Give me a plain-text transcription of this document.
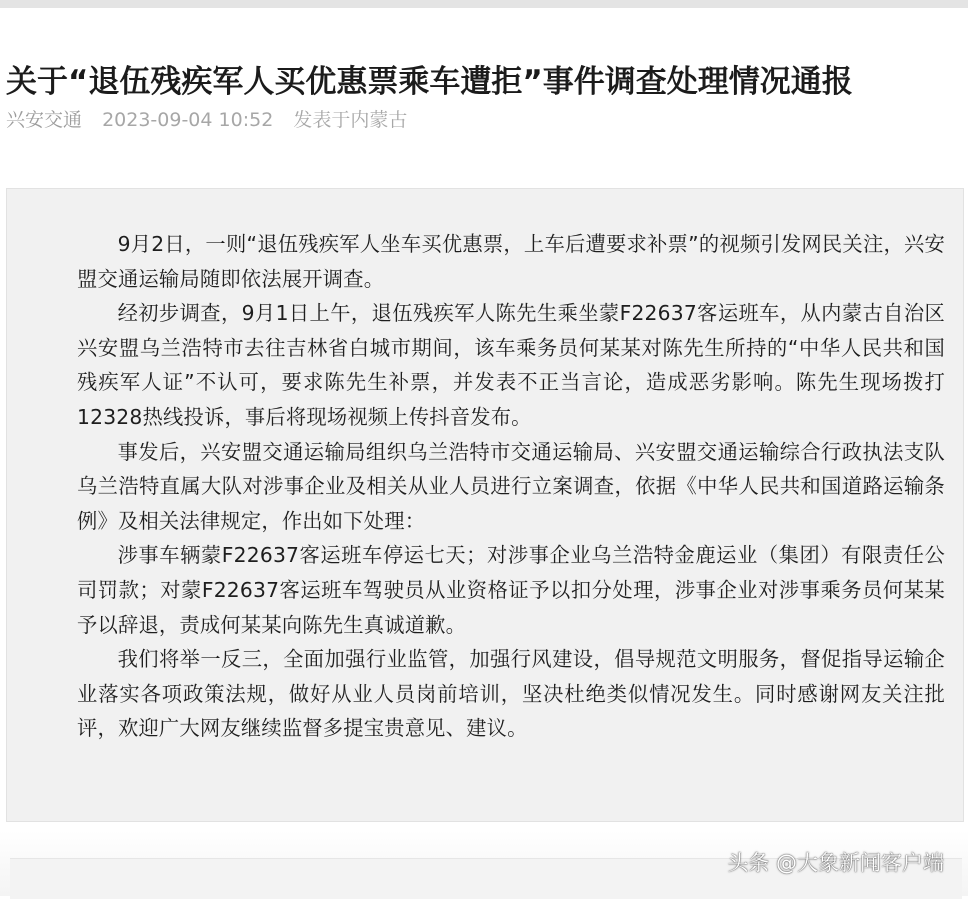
关于“退伍残疾军人买优惠票乘车遭拒”事件调查处理情况通报
兴安交通 2023-09-04 10:52 发表于内蒙古

9月2日，一则“退伍残疾军人坐车买优惠票，上车后遭要求补票”的视频引发网民关注，兴安盟交通运输局随即依法展开调查。

经初步调查，9月1日上午，退伍残疾军人陈先生乘坐蒙F22637客运班车，从内蒙古自治区兴安盟乌兰浩特市去往吉林省白城市期间，该车乘务员何某某对陈先生所持的“中华人民共和国残疾军人证”不认可，要求陈先生补票，并发表不正当言论，造成恶劣影响。陈先生现场拨打12328热线投诉，事后将现场视频上传抖音发布。

事发后，兴安盟交通运输局组织乌兰浩特市交通运输局、兴安盟交通运输综合行政执法支队乌兰浩特直属大队对涉事企业及相关从业人员进行立案调查，依据《中华人民共和国道路运输条例》及相关法律规定，作出如下处理：

涉事车辆蒙F22637客运班车停运七天；对涉事企业乌兰浩特金鹿运业（集团）有限责任公司罚款；对蒙F22637客运班车驾驶员从业资格证予以扣分处理，涉事企业对涉事乘务员何某某予以辞退，责成何某某向陈先生真诚道歉。

我们将举一反三，全面加强行业监管，加强行风建设，倡导规范文明服务，督促指导运输企业落实各项政策法规，做好从业人员岗前培训，坚决杜绝类似情况发生。同时感谢网友关注批评，欢迎广大网友继续监督多提宝贵意见、建议。

头条 @大象新闻客户端
